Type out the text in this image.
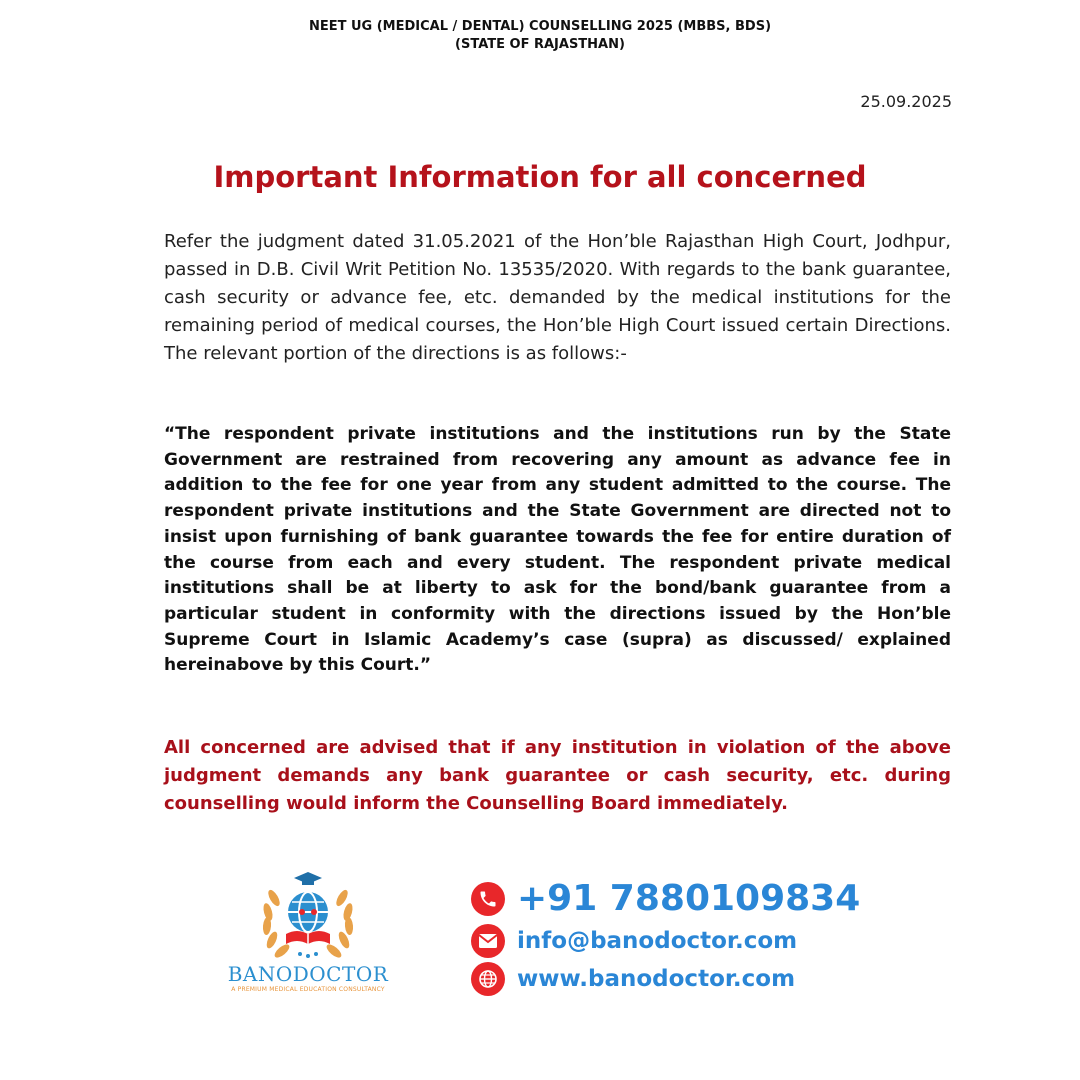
NEET UG (MEDICAL / DENTAL) COUNSELLING 2025 (MBBS, BDS)
(STATE OF RAJASTHAN)
25.09.2025
Important Information for all concerned
Refer the judgment dated 31.05.2021 of the Hon’ble Rajasthan High Court, Jodhpur, passed in D.B. Civil Writ Petition No. 13535/2020. With regards to the bank guarantee, cash security or advance fee, etc. demanded by the medical institutions for the remaining period of medical courses, the Hon’ble High Court issued certain Directions. The relevant portion of the directions is as follows:-
“The respondent private institutions and the institutions run by the State Government are restrained from recovering any amount as advance fee in addition to the fee for one year from any student admitted to the course. The respondent private institutions and the State Government are directed not to insist upon furnishing of bank guarantee towards the fee for entire duration of the course from each and every student. The respondent private medical institutions shall be at liberty to ask for the bond/bank guarantee from a particular student in conformity with the directions issued by the Hon’ble Supreme Court in Islamic Academy’s case (supra) as discussed/ explained hereinabove by this Court.”
All concerned are advised that if any institution in violation of the above judgment demands any bank guarantee or cash security, etc. during counselling would inform the Counselling Board immediately.
BANODOCTOR
A PREMIUM MEDICAL EDUCATION CONSULTANCY
+91 7880109834
info@banodoctor.com
www.banodoctor.com
